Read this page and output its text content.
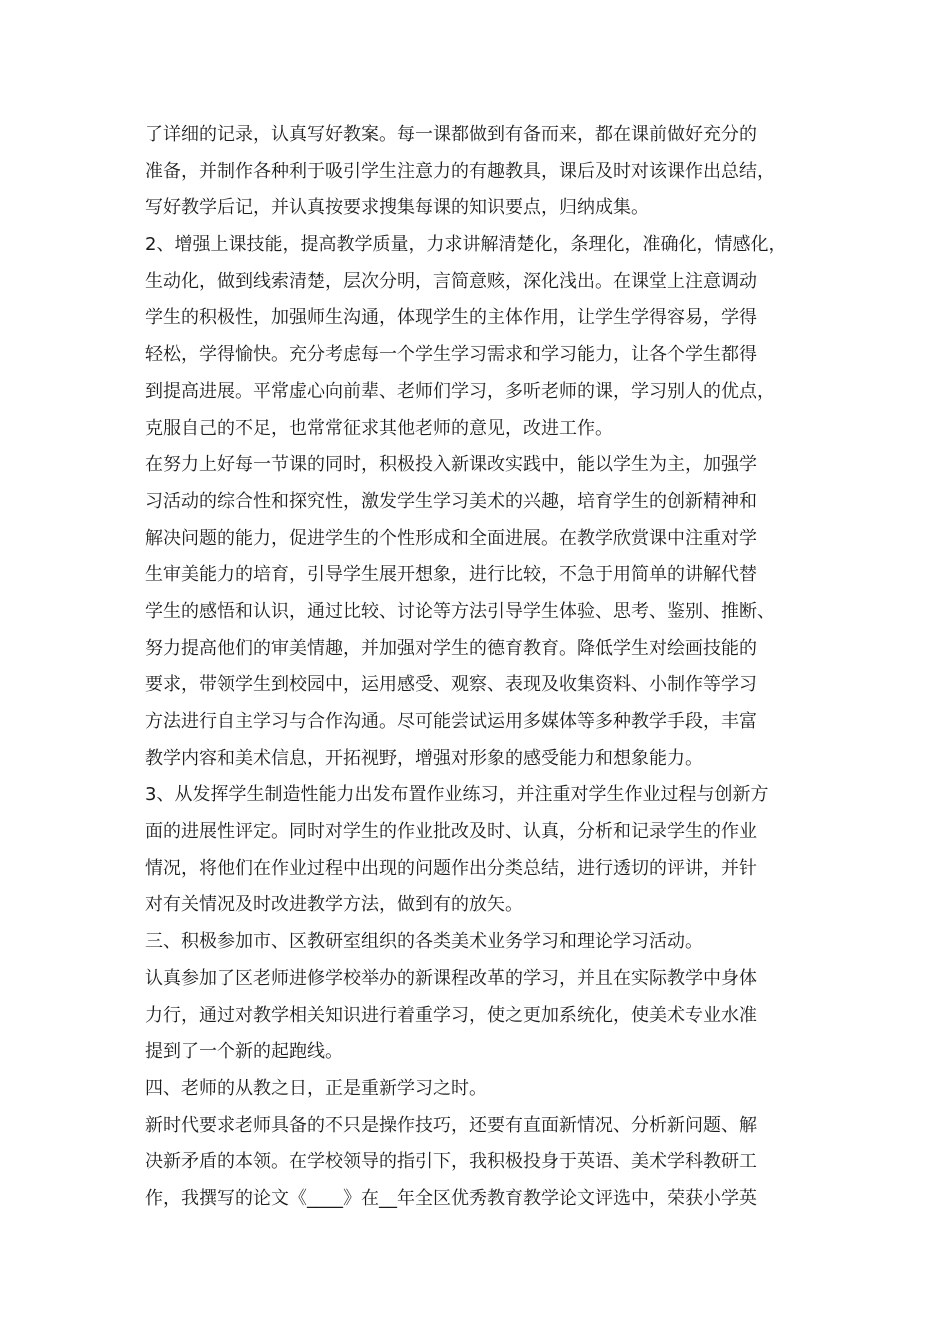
了详细的记录，认真写好教案。每一课都做到有备而来，都在课前做好充分的
准备，并制作各种利于吸引学生注意力的有趣教具，课后及时对该课作出总结，
写好教学后记，并认真按要求搜集每课的知识要点，归纳成集。
2、增强上课技能，提高教学质量，力求讲解清楚化，条理化，准确化，情感化，
生动化，做到线索清楚，层次分明，言简意赅，深化浅出。在课堂上注意调动
学生的积极性，加强师生沟通，体现学生的主体作用，让学生学得容易，学得
轻松，学得愉快。充分考虑每一个学生学习需求和学习能力，让各个学生都得
到提高进展。平常虚心向前辈、老师们学习，多听老师的课，学习别人的优点，
克服自己的不足，也常常征求其他老师的意见，改进工作。
在努力上好每一节课的同时，积极投入新课改实践中，能以学生为主，加强学
习活动的综合性和探究性，激发学生学习美术的兴趣，培育学生的创新精神和
解决问题的能力，促进学生的个性形成和全面进展。在教学欣赏课中注重对学
生审美能力的培育，引导学生展开想象，进行比较，不急于用简单的讲解代替
学生的感悟和认识，通过比较、讨论等方法引导学生体验、思考、鉴别、推断、
努力提高他们的审美情趣，并加强对学生的德育教育。降低学生对绘画技能的
要求，带领学生到校园中，运用感受、观察、表现及收集资料、小制作等学习
方法进行自主学习与合作沟通。尽可能尝试运用多媒体等多种教学手段，丰富
教学内容和美术信息，开拓视野，增强对形象的感受能力和想象能力。
3、从发挥学生制造性能力出发布置作业练习，并注重对学生作业过程与创新方
面的进展性评定。同时对学生的作业批改及时、认真，分析和记录学生的作业
情况，将他们在作业过程中出现的问题作出分类总结，进行透切的评讲，并针
对有关情况及时改进教学方法，做到有的放矢。
三、积极参加市、区教研室组织的各类美术业务学习和理论学习活动。
认真参加了区老师进修学校举办的新课程改革的学习，并且在实际教学中身体
力行，通过对教学相关知识进行着重学习，使之更加系统化，使美术专业水准
提到了一个新的起跑线。
四、老师的从教之日，正是重新学习之时。
新时代要求老师具备的不只是操作技巧，还要有直面新情况、分析新问题、解
决新矛盾的本领。在学校领导的指引下，我积极投身于英语、美术学科教研工
作，我撰写的论文《____》在__年全区优秀教育教学论文评选中，荣获小学英
